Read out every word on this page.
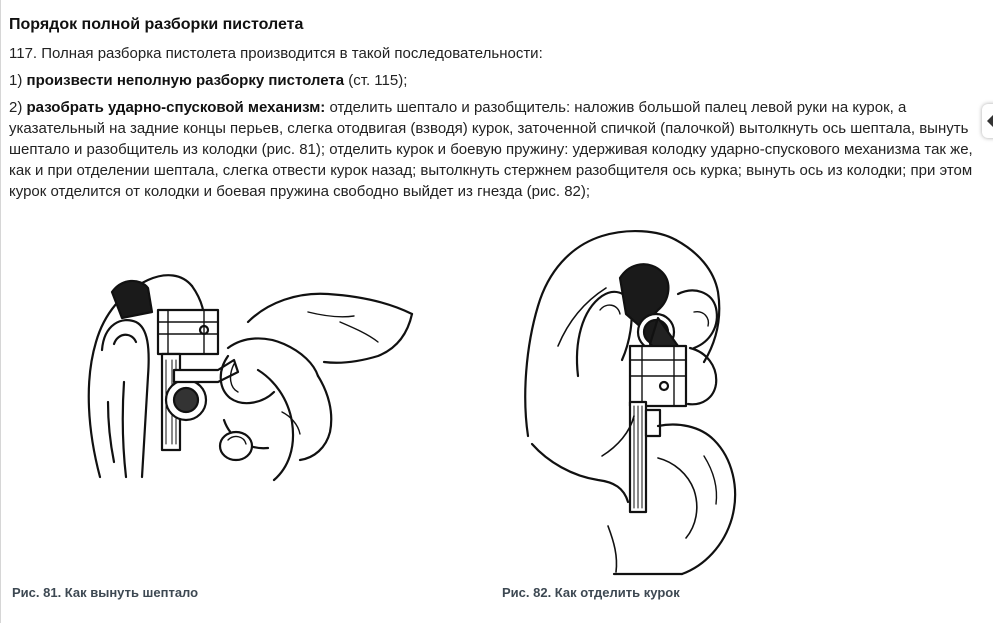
Порядок полной разборки пистолета
117. Полная разборка пистолета производится в такой последовательности:
1) произвести неполную разборку пистолета (ст. 115);
2) разобрать ударно-спусковой механизм: отделить шептало и разобщитель: наложив большой палец левой руки на курок, а указательный на задние концы перьев, слегка отодвигая (взводя) курок, заточенной спичкой (палочкой) вытолкнуть ось шептала, вынуть шептало и разобщитель из колодки (рис. 81); отделить курок и боевую пружину: удерживая колодку ударно-спускового механизма так же, как и при отделении шептала, слегка отвести курок назад; вытолкнуть стержнем разобщителя ось курка; вынуть ось из колодки; при этом курок отделится от колодки и боевая пружина свободно выйдет из гнезда (рис. 82);
Рис. 81. Как вынуть шептало	Рис. 82. Как отделить курок
